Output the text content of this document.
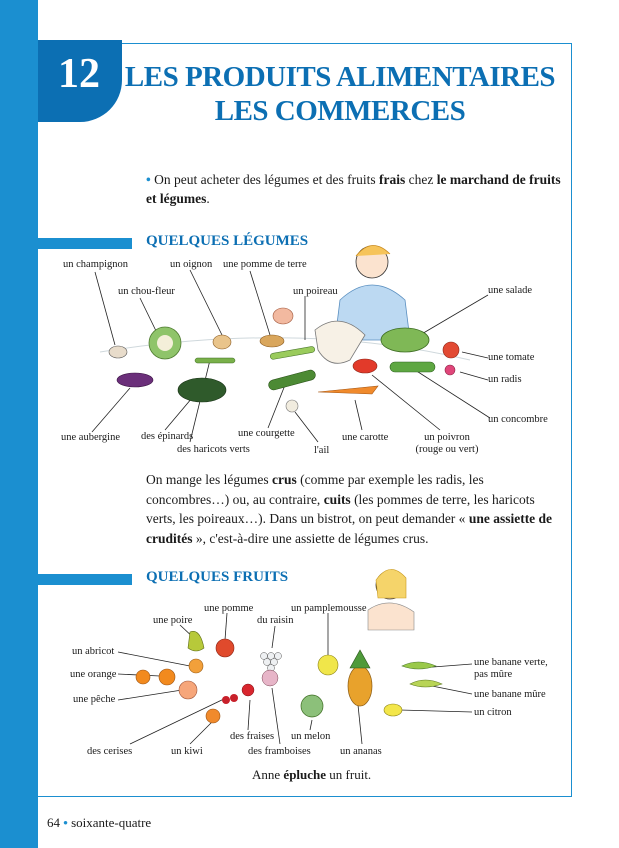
12 LES PRODUITS ALIMENTAIRES
LES COMMERCES

• On peut acheter des légumes et des fruits frais chez le marchand de fruits et légumes.

QUELQUES LÉGUMES
un champignon	un oignon une pomme de terre
un chou-fleur	un poireau	une salade
une tomate
un radis
un concombre
une aubergine des épinards
des haricots verts
une courgette
l'ail
une carotte	un poivron
(rouge ou vert)

On mange les légumes crus (comme par exemple les radis, les concombres…) ou, au contraire, cuits (les pommes de terre, les haricots verts, les poireaux…). Dans un bistrot, on peut demander « une assiette de crudités », c'est-à-dire une assiette de légumes crus.

QUELQUES FRUITS
une pomme	un pamplemousse
une poire	du raisin
un abricot
une orange
une pêche
une banane verte,
pas mûre
une banane mûre
un citron
des cerises	un kiwi
des fraises
des framboises
un melon
un ananas
Anne épluche un fruit.
64 • soixante-quatre
